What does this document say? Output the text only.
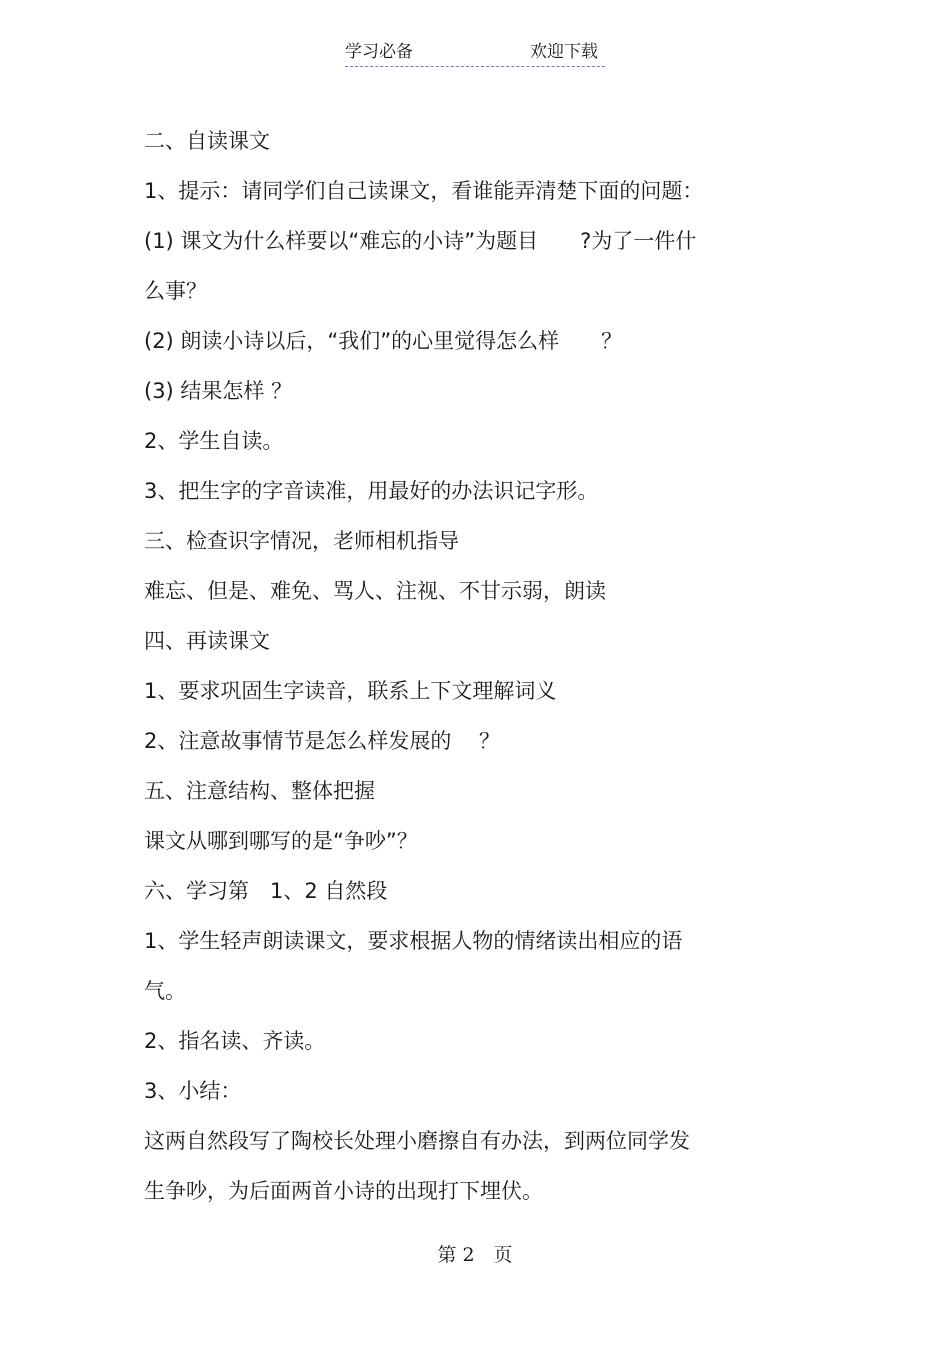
学习必备	欢迎下载
二、自读课文
1、提示：请同学们自己读课文，看谁能弄清楚下面的问题：
(1) 课文为什么样要以“难忘的小诗”为题目　　?为了一件什
么事？
(2) 朗读小诗以后，“我们”的心里觉得怎么样　　？
(3) 结果怎样 ？
2、学生自读。
3、把生字的字音读准，用最好的办法识记字形。
三、检查识字情况，老师相机指导
难忘、但是、难免、骂人、注视、不甘示弱，朗读
四、再读课文
1、要求巩固生字读音，联系上下文理解词义
2、注意故事情节是怎么样发展的　 ？
五、注意结构、整体把握
课文从哪到哪写的是“争吵”？
六、学习第　1、2 自然段
1、学生轻声朗读课文，要求根据人物的情绪读出相应的语
气。
2、指名读、齐读。
3、小结：
这两自然段写了陶校长处理小磨擦自有办法，到两位同学发
生争吵，为后面两首小诗的出现打下埋伏。
第 2　页
